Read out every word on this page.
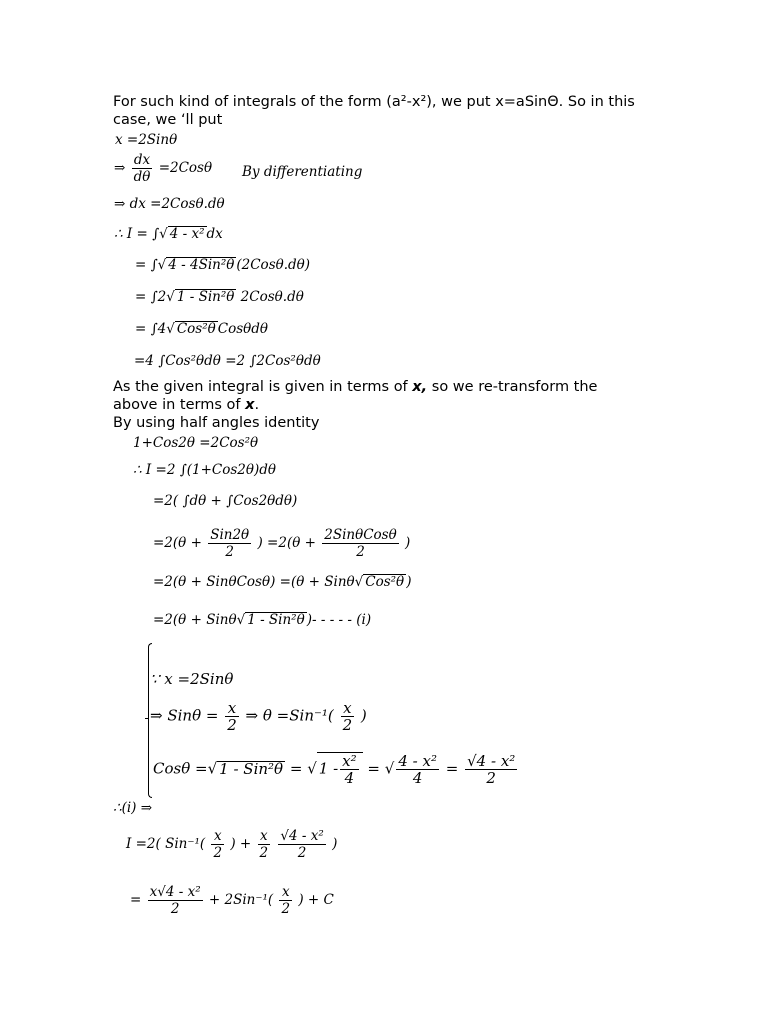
For such kind of integrals of the form (a²-x²), we put x=aSinΘ. So in this
case, we ‘ll put
x =2Sinθ
⇒ $\frac{dx}{d\theta} =2Cos\theta$ By differentiating
⇒ dx =2Cosθ.dθ
∴ I = ∫√ 4 - x² dx
= ∫√ 4 - 4Sin²θ (2Cosθ.dθ)
= ∫2√ 1 - Sin²θ 2Cosθ.dθ
= ∫4√ Cos²θ Cosθdθ
=4 ∫Cos²θdθ =2 ∫2Cos²θdθ
As the given integral is given in terms of x, so we re-transform the
above in terms of x.
By using half angles identity
1+Cos2θ =2Cos²θ
∴ I =2 ∫(1+Cos2θ)dθ
=2( ∫dθ + ∫Cos2θdθ)
$=2(\theta + \frac{\text{Sin2θ}}{2}$ ) $=2(\theta + \frac{\text{2SinθCosθ}}{2}$ )
=2(θ + SinθCosθ) =(θ + Sinθ√ Cos²θ )
=2(θ + Sinθ√ 1 - Sin²θ )- - - - - (i)
∵ x =2Sinθ
⇒ $Sin\theta = \frac{x}{2}$ ⇒ $\theta =Sin^{-1}( \frac{x}{2}$ )
Cosθ =√ 1 - Sin²θ = √ $1 - \frac{\text{x²}}{4}$ = √ $\frac{\text{4 - x²}}{4} = \frac{\text{√4 - x²}}{2}$
∴(i) ⇒
I =2( $Sin^{-1}( \frac{x}{2}$ ) + $\frac{x}{2}$
$\frac{\text{√4 - x²}}{2}$ )
= $\frac{\text{x√4 - x²}}{2} + 2Sin^{-1}( \frac{x}{2}$ ) + C
